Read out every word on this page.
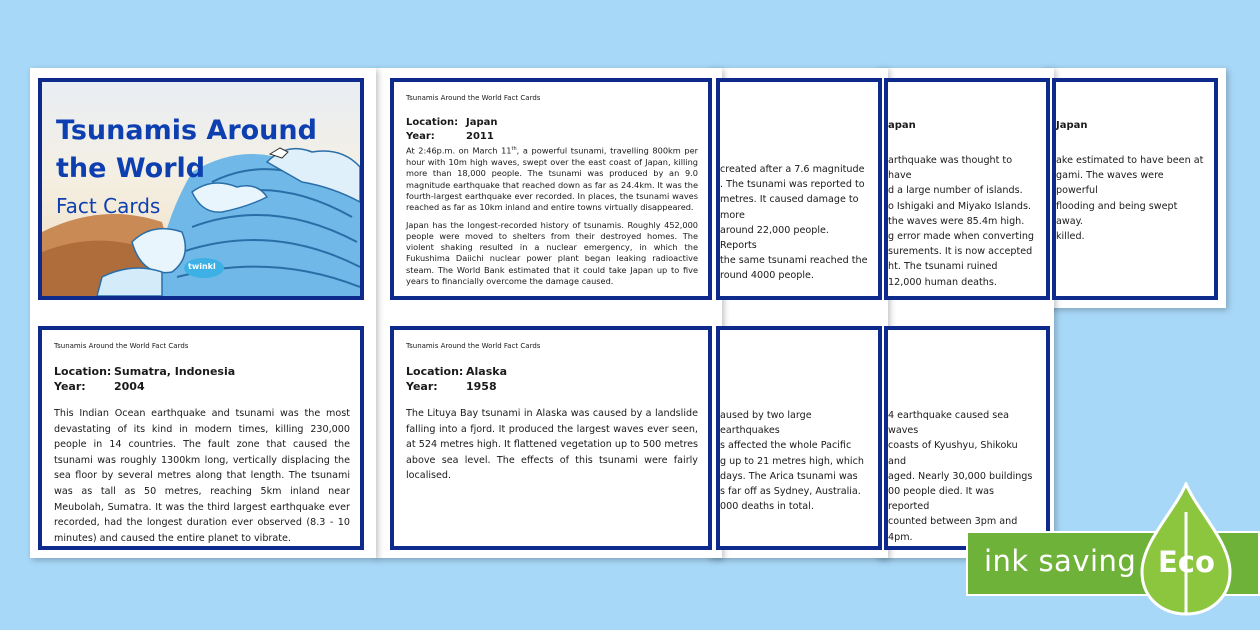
Japan
ake estimated to have been at
gami. The waves were powerful
flooding and being swept away.
killed.
apan
arthquake was thought to have
d a large number of islands.
o Ishigaki and Miyako Islands.
the waves were 85.4m high.
g error made when converting
surements. It is now accepted
ht. The tsunami ruined
12,000 human deaths.
created after a 7.6 magnitude
. The tsunami was reported to
metres. It caused damage to more
around 22,000 people. Reports
the same tsunami reached the
round 4000 people.
4 earthquake caused sea waves
coasts of Kyushyu, Shikoku and
aged. Nearly 30,000 buildings
00 people died. It was reported
counted between 3pm and 4pm.
aused by two large earthquakes
s affected the whole Pacific
g up to 21 metres high, which
days. The Arica tsunami was
s far off as Sydney, Australia.
000 deaths in total.
Tsunamis Around
the World
Fact Cards
twinkl
Tsunamis Around the World Fact Cards
Location: Japan
Year:	2011

At 2:46p.m. on March 11th, a powerful tsunami, travelling 800km per hour with 10m high waves, swept over the east coast of Japan, killing more than 18,000 people. The tsunami was produced by an 9.0 magnitude earthquake that reached down as far as 24.4km. It was the fourth-largest earthquake ever recorded. In places, the tsunami waves reached as far as 10km inland and entire towns virtually disappeared.

Japan has the longest-recorded history of tsunamis. Roughly 452,000 people were moved to shelters from their destroyed homes. The violent shaking resulted in a nuclear emergency, in which the Fukushima Daiichi nuclear power plant began leaking radioactive steam. The World Bank estimated that it could take Japan up to five years to financially overcome the damage caused.

Tsunamis Around the World Fact Cards
Location: Sumatra, Indonesia
Year:	2004
This Indian Ocean earthquake and tsunami was the most devastating of its kind in modern times, killing 230,000 people in 14 countries. The fault zone that caused the tsunami was roughly 1300km long, vertically displacing the sea floor by several metres along that length. The tsunami was as tall as 50 metres, reaching 5km inland near Meubolah, Sumatra. It was the third largest earthquake ever recorded, had the longest duration ever observed (8.3 - 10 minutes) and caused the entire planet to vibrate.
Tsunamis Around the World Fact Cards
Location: Alaska
Year:	1958
The Lituya Bay tsunami in Alaska was caused by a landslide falling into a fjord. It produced the largest waves ever seen, at 524 metres high. It flattened vegetation up to 500 metres above sea level. The effects of this tsunami were fairly localised.
ink saving Eco
